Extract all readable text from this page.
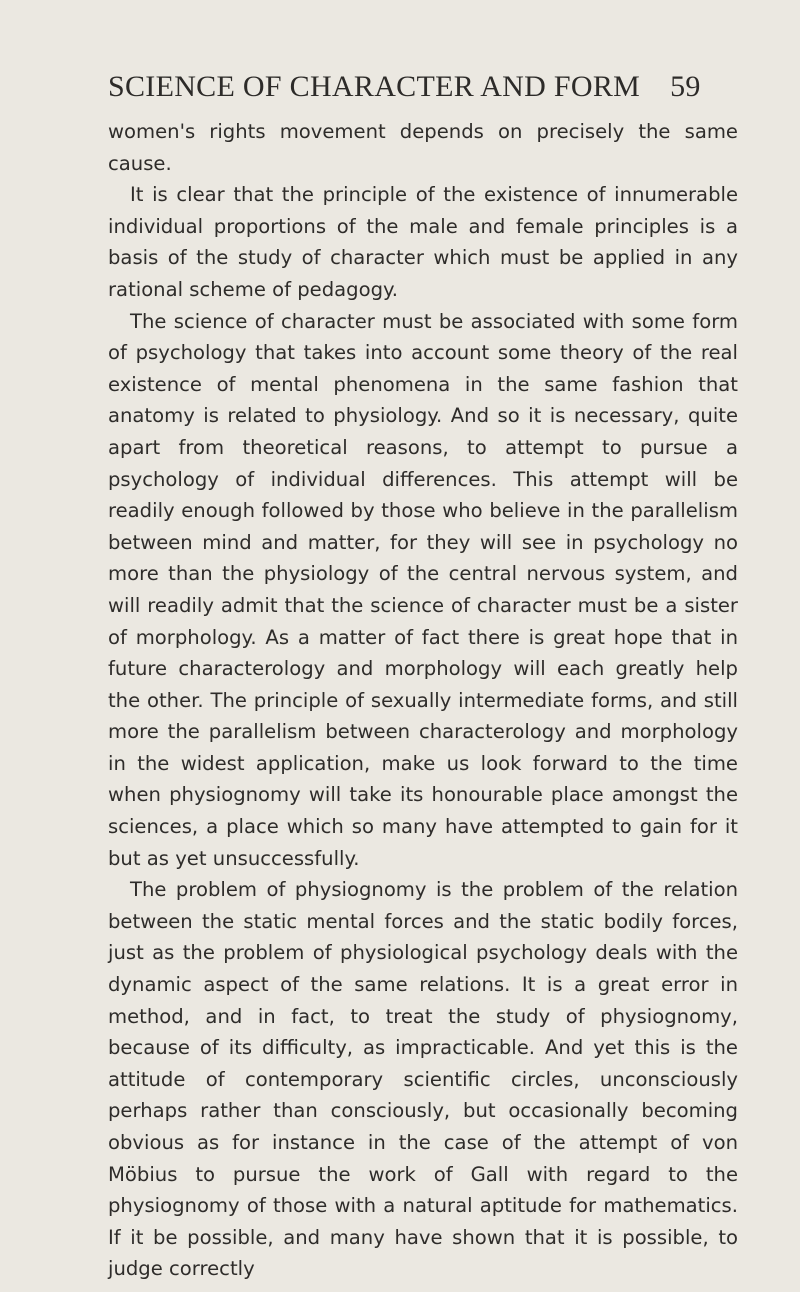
SCIENCE OF CHARACTER AND FORM 59

women's rights movement depends on precisely the same cause.

It is clear that the principle of the existence of innumerable individual proportions of the male and female principles is a basis of the study of character which must be applied in any rational scheme of pedagogy.

The science of character must be associated with some form of psychology that takes into account some theory of the real existence of mental phenomena in the same fashion that anatomy is related to physiology. And so it is necessary, quite apart from theoretical reasons, to attempt to pursue a psychology of individual differences. This attempt will be readily enough followed by those who believe in the parallelism between mind and matter, for they will see in psychology no more than the physiology of the central nervous system, and will readily admit that the science of character must be a sister of morphology. As a matter of fact there is great hope that in future characterology and morphology will each greatly help the other. The principle of sexually intermediate forms, and still more the parallelism between characterology and morphology in the widest application, make us look forward to the time when physiognomy will take its honourable place amongst the sciences, a place which so many have attempted to gain for it but as yet unsuccessfully.

The problem of physiognomy is the problem of the relation between the static mental forces and the static bodily forces, just as the problem of physiological psychology deals with the dynamic aspect of the same relations. It is a great error in method, and in fact, to treat the study of physiognomy, because of its difficulty, as impracticable. And yet this is the attitude of contemporary scientific circles, unconsciously perhaps rather than consciously, but occasionally becoming obvious as for instance in the case of the attempt of von Möbius to pursue the work of Gall with regard to the physiognomy of those with a natural aptitude for mathematics. If it be possible, and many have shown that it is possible, to judge correctly
